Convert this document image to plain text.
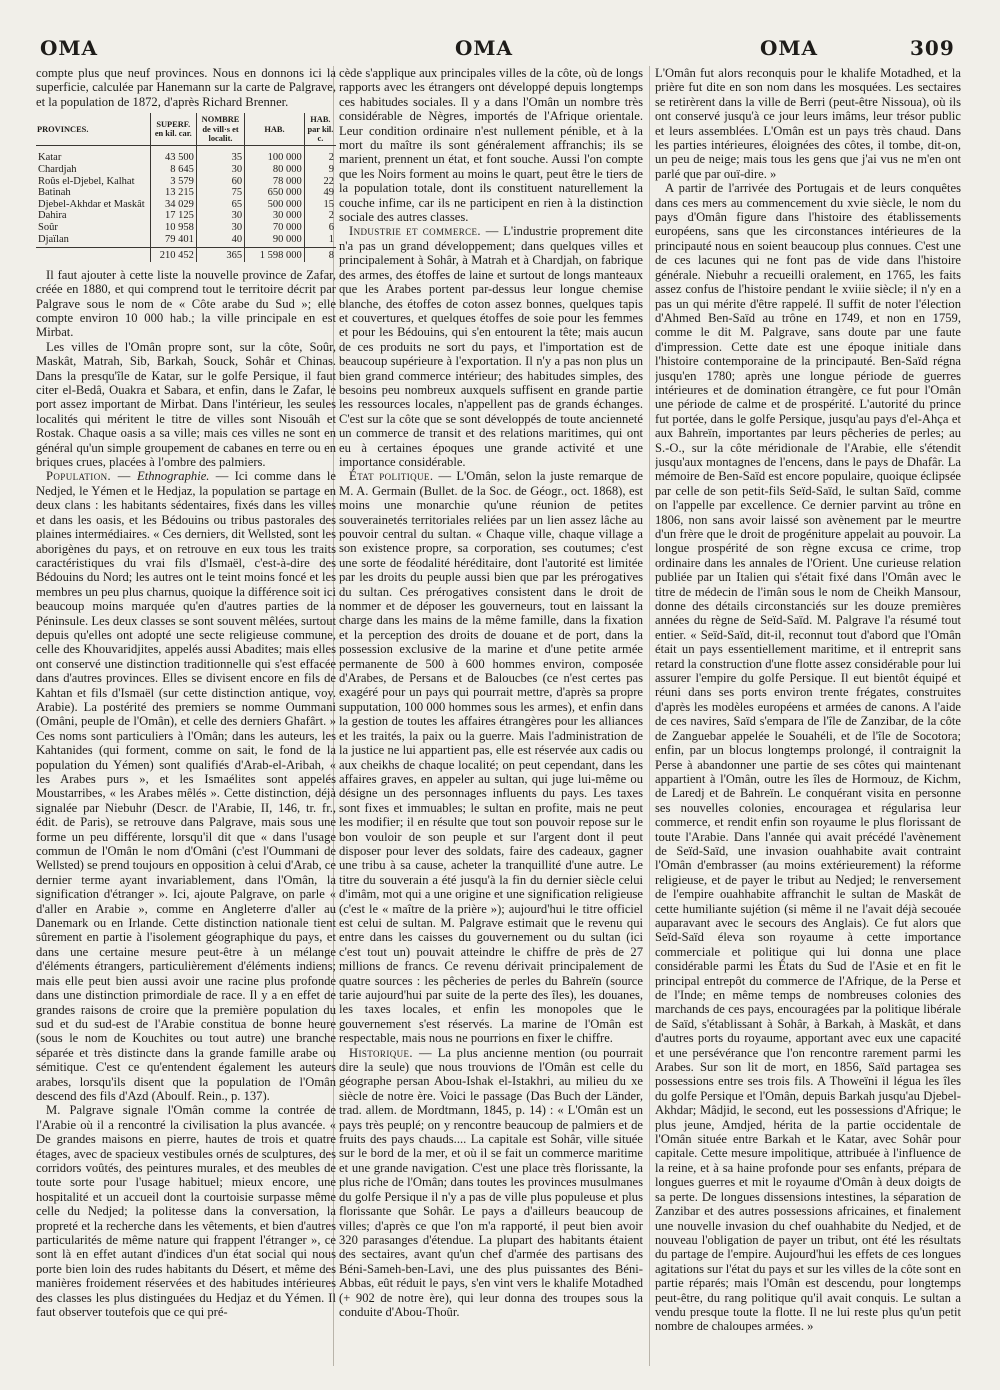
OMA	OMA	OMA	309

compte plus que neuf provinces. Nous en donnons ici la superficie, calculée par Hanemann sur la carte de Palgrave, et la population de 1872, d'après Richard Brenner.

PROVINCES.	SUPERF. en kil. car.	NOMBRE de vill·s et localit.	HAB.	HAB. par kil. c.
Katar	43 500	35	100 000	2
Chardjah	8 645	30	80 000	9
Roûs el-Djebel, Kalhat	3 579	60	78 000	22
Batinah	13 215	75	650 000	49
Djebel-Akhdar et Maskât	34 029	65	500 000	15
Dahira	17 125	30	30 000	2
Soûr	10 958	30	70 000	6
Djaïlan	79 401	40	90 000	1
	210 452	365	1 598 000	8

Il faut ajouter à cette liste la nouvelle province de Zafar, créée en 1880, et qui comprend tout le territoire décrit par Palgrave sous le nom de « Côte arabe du Sud »; elle compte environ 10 000 hab.; la ville principale en est Mirbat.

Les villes de l'Omân propre sont, sur la côte, Soûr, Maskât, Matrah, Sib, Barkah, Souck, Sohâr et Chinas. Dans la presqu'île de Katar, sur le golfe Persique, il faut citer el-Bedâ, Ouakra et Sabara, et enfin, dans le Zafar, le port assez important de Mirbat. Dans l'intérieur, les seules localités qui méritent le titre de villes sont Nisouâh et Rostak. Chaque oasis a sa ville; mais ces villes ne sont en général qu'un simple groupement de cabanes en terre ou en briques crues, placées à l'ombre des palmiers.

Population. — Ethnographie. — Ici comme dans le Nedjed, le Yémen et le Hedjaz, la population se partage en deux clans : les habitants sédentaires, fixés dans les villes et dans les oasis, et les Bédouins ou tribus pastorales des plaines intermédiaires. « Ces derniers, dit Wellsted, sont les aborigènes du pays, et on retrouve en eux tous les traits caractéristiques du vrai fils d'Ismaël, c'est-à-dire des Bédouins du Nord; les autres ont le teint moins foncé et les membres un peu plus charnus, quoique la différence soit ici beaucoup moins marquée qu'en d'autres parties de la Péninsule. Les deux classes se sont souvent mêlées, surtout depuis qu'elles ont adopté une secte religieuse commune, celle des Khouvaridjites, appelés aussi Abadites; mais elles ont conservé une distinction traditionnelle qui s'est effacée dans d'autres provinces. Elles se divisent encore en fils de Kahtan et fils d'Ismaël (sur cette distinction antique, voy. Arabie). La postérité des premiers se nomme Oummani (Omâni, peuple de l'Omân), et celle des derniers Ghafârt. » Ces noms sont particuliers à l'Omân; dans les auteurs, les Kahtanides (qui forment, comme on sait, le fond de la population du Yémen) sont qualifiés d'Arab-el-Aribah, « les Arabes purs », et les Ismaélites sont appelés Moustarribes, « les Arabes mêlés ». Cette distinction, déjà signalée par Niebuhr (Descr. de l'Arabie, II, 146, tr. fr., édit. de Paris), se retrouve dans Palgrave, mais sous une forme un peu différente, lorsqu'il dit que « dans l'usage commun de l'Omân le nom d'Omâni (c'est l'Oummani de Wellsted) se prend toujours en opposition à celui d'Arab, ce dernier terme ayant invariablement, dans l'Omân, la signification d'étranger ». Ici, ajoute Palgrave, on parle « d'aller en Arabie », comme en Angleterre d'aller au Danemark ou en Irlande. Cette distinction nationale tient sûrement en partie à l'isolement géographique du pays, et dans une certaine mesure peut-être à un mélange d'éléments étrangers, particulièrement d'éléments indiens; mais elle peut bien aussi avoir une racine plus profonde dans une distinction primordiale de race. Il y a en effet de grandes raisons de croire que la première population du sud et du sud-est de l'Arabie constitua de bonne heure (sous le nom de Kouchites ou tout autre) une branche séparée et très distincte dans la grande famille arabe ou sémitique. C'est ce qu'entendent également les auteurs arabes, lorsqu'ils disent que la population de l'Omân descend des fils d'Azd (Aboulf. Rein., p. 137).

M. Palgrave signale l'Omân comme la contrée de l'Arabie où il a rencontré la civilisation la plus avancée. « De grandes maisons en pierre, hautes de trois et quatre étages, avec de spacieux vestibules ornés de sculptures, des corridors voûtés, des peintures murales, et des meubles de toute sorte pour l'usage habituel; mieux encore, une hospitalité et un accueil dont la courtoisie surpasse même celle du Nedjed; la politesse dans la conversation, la propreté et la recherche dans les vêtements, et bien d'autres particularités de même nature qui frappent l'étranger », ce sont là en effet autant d'indices d'un état social qui nous porte bien loin des rudes habitants du Désert, et même des manières froidement réservées et des habitudes intérieures des classes les plus distinguées du Hedjaz et du Yémen. Il faut observer toutefois que ce qui pré-

cède s'applique aux principales villes de la côte, où de longs rapports avec les étrangers ont développé depuis longtemps ces habitudes sociales. Il y a dans l'Omân un nombre très considérable de Nègres, importés de l'Afrique orientale. Leur condition ordinaire n'est nullement pénible, et à la mort du maître ils sont généralement affranchis; ils se marient, prennent un état, et font souche. Aussi l'on compte que les Noirs forment au moins le quart, peut être le tiers de la population totale, dont ils constituent naturellement la couche infime, car ils ne participent en rien à la distinction sociale des autres classes.

Industrie et commerce. — L'industrie proprement dite n'a pas un grand développement; dans quelques villes et principalement à Sohâr, à Matrah et à Chardjah, on fabrique des armes, des étoffes de laine et surtout de longs manteaux que les Arabes portent par-dessus leur longue chemise blanche, des étoffes de coton assez bonnes, quelques tapis et couvertures, et quelques étoffes de soie pour les femmes et pour les Bédouins, qui s'en entourent la tête; mais aucun de ces produits ne sort du pays, et l'importation est de beaucoup supérieure à l'exportation. Il n'y a pas non plus un bien grand commerce intérieur; des habitudes simples, des besoins peu nombreux auxquels suffisent en grande partie les ressources locales, n'appellent pas de grands échanges. C'est sur la côte que se sont développés de toute ancienneté un commerce de transit et des relations maritimes, qui ont eu à certaines époques une grande activité et une importance considérable.

État politique. — L'Omân, selon la juste remarque de M. A. Germain (Bullet. de la Soc. de Géogr., oct. 1868), est moins une monarchie qu'une réunion de petites souverainetés territoriales reliées par un lien assez lâche au pouvoir central du sultan. « Chaque ville, chaque village a son existence propre, sa corporation, ses coutumes; c'est une sorte de féodalité héréditaire, dont l'autorité est limitée par les droits du peuple aussi bien que par les prérogatives du sultan. Ces prérogatives consistent dans le droit de nommer et de déposer les gouverneurs, tout en laissant la charge dans les mains de la même famille, dans la fixation et la perception des droits de douane et de port, dans la possession exclusive de la marine et d'une petite armée permanente de 500 à 600 hommes environ, composée d'Arabes, de Persans et de Baloucbes (ce n'est certes pas exagéré pour un pays qui pourrait mettre, d'après sa propre supputation, 100 000 hommes sous les armes), et enfin dans la gestion de toutes les affaires étrangères pour les alliances et les traités, la paix ou la guerre. Mais l'administration de la justice ne lui appartient pas, elle est réservée aux cadis ou aux cheikhs de chaque localité; on peut cependant, dans les affaires graves, en appeler au sultan, qui juge lui-même ou désigne un des personnages influents du pays. Les taxes sont fixes et immuables; le sultan en profite, mais ne peut les modifier; il en résulte que tout son pouvoir repose sur le bon vouloir de son peuple et sur l'argent dont il peut disposer pour lever des soldats, faire des cadeaux, gagner une tribu à sa cause, acheter la tranquillité d'une autre. Le titre du souverain a été jusqu'à la fin du dernier siècle celui d'imâm, mot qui a une origine et une signification religieuse (c'est le « maître de la prière »); aujourd'hui le titre officiel est celui de sultan. M. Palgrave estimait que le revenu qui entre dans les caisses du gouvernement ou du sultan (ici c'est tout un) pouvait atteindre le chiffre de près de 27 millions de francs. Ce revenu dérivait principalement de quatre sources : les pêcheries de perles du Bahreïn (source tarie aujourd'hui par suite de la perte des îles), les douanes, les taxes locales, et enfin les monopoles que le gouvernement s'est réservés. La marine de l'Omân est respectable, mais nous ne pourrions en fixer le chiffre.

Historique. — La plus ancienne mention (ou pourrait dire la seule) que nous trouvions de l'Omân est celle du géographe persan Abou-Ishak el-Istakhri, au milieu du xe siècle de notre ère. Voici le passage (Das Buch der Länder, trad. allem. de Mordtmann, 1845, p. 14) : « L'Omân est un pays très peuplé; on y rencontre beaucoup de palmiers et de fruits des pays chauds.... La capitale est Sohâr, ville située sur le bord de la mer, et où il se fait un commerce maritime et une grande navigation. C'est une place très florissante, la plus riche de l'Omân; dans toutes les provinces musulmanes du golfe Persique il n'y a pas de ville plus populeuse et plus florissante que Sohâr. Le pays a d'ailleurs beaucoup de villes; d'après ce que l'on m'a rapporté, il peut bien avoir 320 parasanges d'étendue. La plupart des habitants étaient des sectaires, avant qu'un chef d'armée des partisans des Béni-Sameh-ben-Lavi, une des plus puissantes des Béni-Abbas, eût réduit le pays, s'en vint vers le khalife Motadhed (+ 902 de notre ère), qui leur donna des troupes sous la conduite d'Abou-Thoûr.

L'Omân fut alors reconquis pour le khalife Motadhed, et la prière fut dite en son nom dans les mosquées. Les sectaires se retirèrent dans la ville de Berri (peut-être Nissoua), où ils ont conservé jusqu'à ce jour leurs imâms, leur trésor public et leurs assemblées. L'Omân est un pays très chaud. Dans les parties intérieures, éloignées des côtes, il tombe, dit-on, un peu de neige; mais tous les gens que j'ai vus ne m'en ont parlé que par ouï-dire. »

A partir de l'arrivée des Portugais et de leurs conquêtes dans ces mers au commencement du xvie siècle, le nom du pays d'Omân figure dans l'histoire des établissements européens, sans que les circonstances intérieures de la principauté nous en soient beaucoup plus connues. C'est une de ces lacunes qui ne font pas de vide dans l'histoire générale. Niebuhr a recueilli oralement, en 1765, les faits assez confus de l'histoire pendant le xviiie siècle; il n'y en a pas un qui mérite d'être rappelé. Il suffit de noter l'élection d'Ahmed Ben-Saïd au trône en 1749, et non en 1759, comme le dit M. Palgrave, sans doute par une faute d'impression. Cette date est une époque initiale dans l'histoire contemporaine de la principauté. Ben-Saïd régna jusqu'en 1780; après une longue période de guerres intérieures et de domination étrangère, ce fut pour l'Omân une période de calme et de prospérité. L'autorité du prince fut portée, dans le golfe Persique, jusqu'au pays d'el-Ahça et aux Bahreïn, importantes par leurs pêcheries de perles; au S.-O., sur la côte méridionale de l'Arabie, elle s'étendit jusqu'aux montagnes de l'encens, dans le pays de Dhafâr. La mémoire de Ben-Saïd est encore populaire, quoique éclipsée par celle de son petit-fils Seïd-Saïd, le sultan Saïd, comme on l'appelle par excellence. Ce dernier parvint au trône en 1806, non sans avoir laissé son avènement par le meurtre d'un frère que le droit de progéniture appelait au pouvoir. La longue prospérité de son règne excusa ce crime, trop ordinaire dans les annales de l'Orient. Une curieuse relation publiée par un Italien qui s'était fixé dans l'Omân avec le titre de médecin de l'imân sous le nom de Cheikh Mansour, donne des détails circonstanciés sur les douze premières années du règne de Seïd-Saïd. M. Palgrave l'a résumé tout entier. « Seïd-Saïd, dit-il, reconnut tout d'abord que l'Omân était un pays essentiellement maritime, et il entreprit sans retard la construction d'une flotte assez considérable pour lui assurer l'empire du golfe Persique. Il eut bientôt équipé et réuni dans ses ports environ trente frégates, construites d'après les modèles européens et armées de canons. A l'aide de ces navires, Saïd s'empara de l'île de Zanzibar, de la côte de Zanguebar appelée le Souahéli, et de l'île de Socotora; enfin, par un blocus longtemps prolongé, il contraignit la Perse à abandonner une partie de ses côtes qui maintenant appartient à l'Omân, outre les îles de Hormouz, de Kichm, de Laredj et de Bahreïn. Le conquérant visita en personne ses nouvelles colonies, encouragea et régularisa leur commerce, et rendit enfin son royaume le plus florissant de toute l'Arabie. Dans l'année qui avait précédé l'avènement de Seïd-Saïd, une invasion ouahhabite avait contraint l'Omân d'embrasser (au moins extérieurement) la réforme religieuse, et de payer le tribut au Nedjed; le renversement de l'empire ouahhabite affranchit le sultan de Maskât de cette humiliante sujétion (si même il ne l'avait déjà secouée auparavant avec le secours des Anglais). Ce fut alors que Seïd-Saïd éleva son royaume à cette importance commerciale et politique qui lui donna une place considérable parmi les États du Sud de l'Asie et en fit le principal entrepôt du commerce de l'Afrique, de la Perse et de l'Inde; en même temps de nombreuses colonies des marchands de ces pays, encouragées par la politique libérale de Saïd, s'établissant à Sohâr, à Barkah, à Maskât, et dans d'autres ports du royaume, apportant avec eux une capacité et une persévérance que l'on rencontre rarement parmi les Arabes. Sur son lit de mort, en 1856, Saïd partagea ses possessions entre ses trois fils. A Thoweïni il légua les îles du golfe Persique et l'Omân, depuis Barkah jusqu'au Djebel-Akhdar; Mâdjid, le second, eut les possessions d'Afrique; le plus jeune, Amdjed, hérita de la partie occidentale de l'Omân située entre Barkah et le Katar, avec Sohâr pour capitale. Cette mesure impolitique, attribuée à l'influence de la reine, et à sa haine profonde pour ses enfants, prépara de longues guerres et mit le royaume d'Omân à deux doigts de sa perte. De longues dissensions intestines, la séparation de Zanzibar et des autres possessions africaines, et finalement une nouvelle invasion du chef ouahhabite du Nedjed, et de nouveau l'obligation de payer un tribut, ont été les résultats du partage de l'empire. Aujourd'hui les effets de ces longues agitations sur l'état du pays et sur les villes de la côte sont en partie réparés; mais l'Omân est descendu, pour longtemps peut-être, du rang politique qu'il avait conquis. Le sultan a vendu presque toute la flotte. Il ne lui reste plus qu'un petit nombre de chaloupes armées. »
